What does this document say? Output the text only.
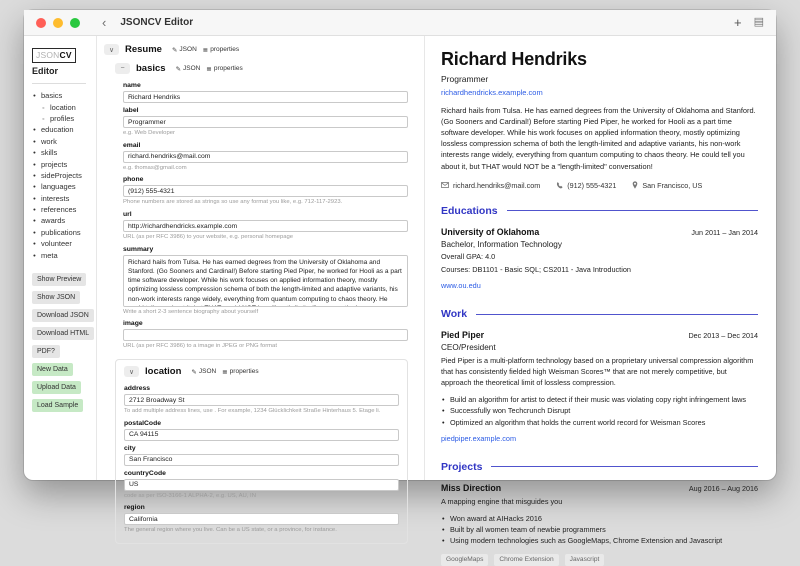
‹ JSONCV Editor	+ ▤
JSONCV
Editor
•
basics
◦
location
◦
profiles
•
education
•
work
•
skills
•
projects
•
sideProjects
•
languages
•
interests
•
references
•
awards
•
publications
•
volunteer
•
meta
Show Preview
Show JSON
Download JSON
Download HTML
PDF?
New Data
Upload Data
Load Sample
∨	Resume ✎ JSON ≣ properties
−	basics ✎ JSON ≣ properties
name
Richard Hendriks
label
Programmer
e.g. Web Developer
email
richard.hendriks@mail.com
e.g. thomas@gmail.com
phone
(912) 555-4321
Phone numbers are stored as strings so use any format you like, e.g. 712-117-2923.
url
http://richardhendricks.example.com
URL (as per RFC 3986) to your website, e.g. personal homepage
summary
Richard hails from Tulsa. He has earned degrees from the University of Oklahoma and Stanford. (Go Sooners and Cardinal!) Before starting Pied Piper, he worked for Hooli as a part time software developer. While his work focuses on applied information theory, mostly optimizing lossless compression schema of both the length-limited and adaptive variants, his non-work interests range widely, everything from quantum computing to chaos theory. He could tell you about it, but THAT would NOT be a "length-limited" conversation!
Write a short 2-3 sentence biography about yourself
image
URL (as per RFC 3986) to a image in JPEG or PNG format
∨	location ✎ JSON ≣ properties
address
2712 Broadway St
To add multiple address lines, use . For example, 1234 Glücklichkeit Straße Hinterhaus 5. Etage li.
postalCode
CA 94115
city
San Francisco
countryCode
US
code as per ISO-3166-1 ALPHA-2, e.g. US, AU, IN
region
California
The general region where you live. Can be a US state, or a province, for instance.
Richard Hendriks
Programmer
richardhendricks.example.com
Richard hails from Tulsa. He has earned degrees from the University of Oklahoma and Stanford. (Go Sooners and Cardinal!) Before starting Pied Piper, he worked for Hooli as a part time software developer. While his work focuses on applied information theory, mostly optimizing lossless compression schema of both the length-limited and adaptive variants, his non-work interests range widely, everything from quantum computing to chaos theory. He could tell you about it, but THAT would NOT be a "length-limited" conversation!
richard.hendriks@mail.com	(912) 555-4321	San Francisco, US
Educations
University of Oklahoma	Jun 2011 – Jan 2014
Bachelor, Information Technology
Overall GPA: 4.0
Courses: DB1101 - Basic SQL; CS2011 - Java Introduction
www.ou.edu
Work
Pied Piper	Dec 2013 – Dec 2014
CEO/President
Pied Piper is a multi-platform technology based on a proprietary universal compression algorithm that has consistently fielded high Weisman Scores™ that are not merely competitive, but approach the theoretical limit of lossless compression.
• Build an algorithm for artist to detect if their music was violating copy right infringement laws
• Successfully won Techcrunch Disrupt
• Optimized an algorithm that holds the current world record for Weisman Scores
piedpiper.example.com
Projects
Miss Direction	Aug 2016 – Aug 2016
A mapping engine that misguides you
• Won award at AIHacks 2016
• Built by all women team of newbie programmers
• Using modern technologies such as GoogleMaps, Chrome Extension and Javascript
GoogleMaps	Chrome Extension	Javascript
